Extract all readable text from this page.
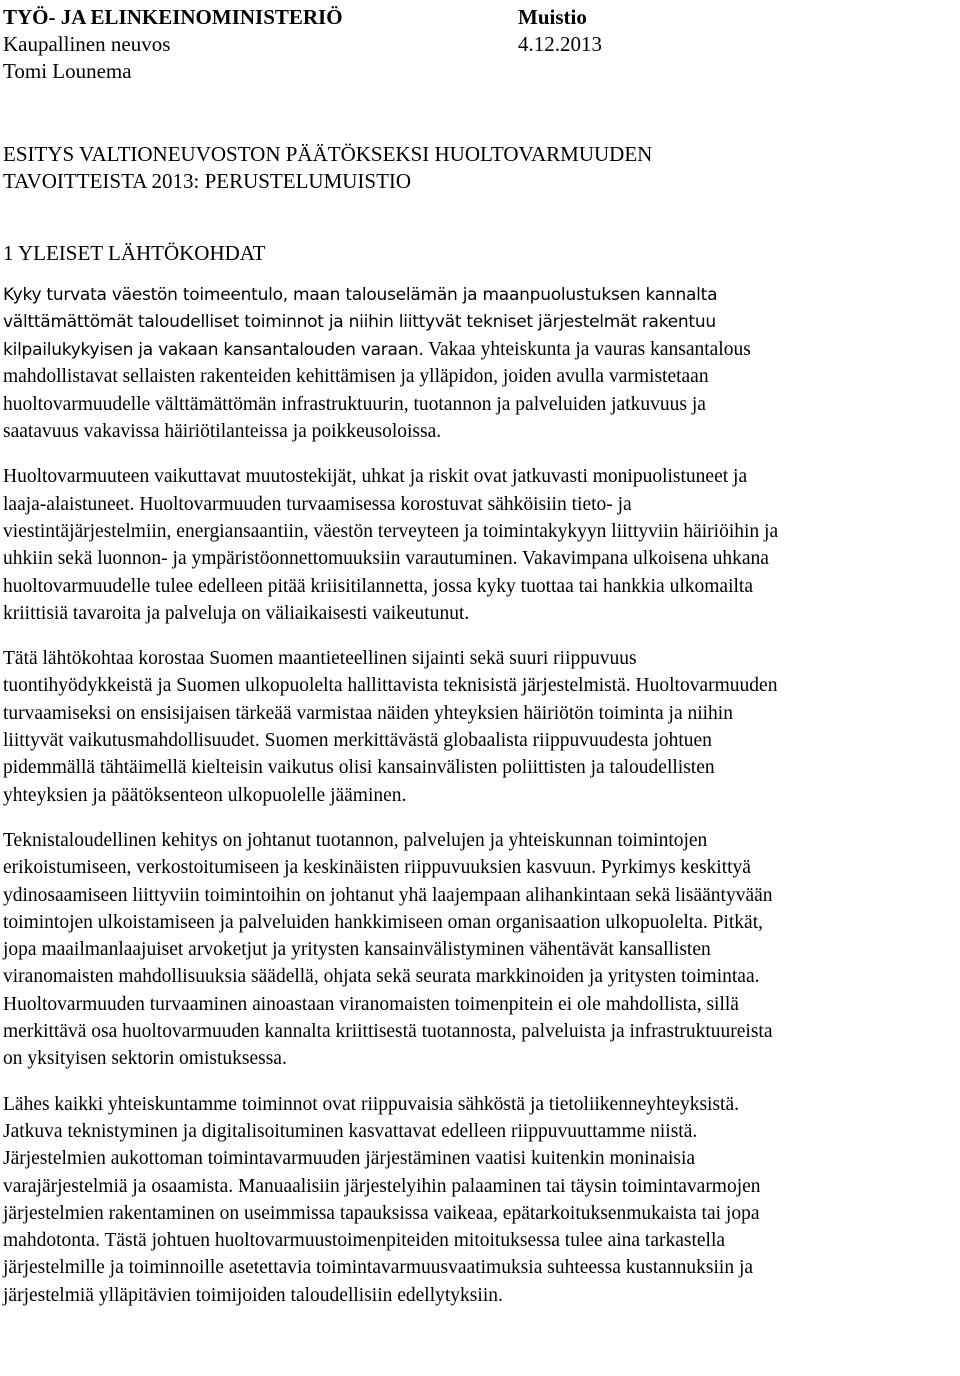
TYÖ- JA ELINKEINOMINISTERIÖ	Muistio
Kaupallinen neuvos	4.12.2013
Tomi Lounema
ESITYS VALTIONEUVOSTON PÄÄTÖKSEKSI HUOLTOVARMUUDEN
TAVOITTEISTA 2013: PERUSTELUMUISTIO
1 YLEISET LÄHTÖKOHDAT
Kyky turvata väestön toimeentulo, maan talouselämän ja maanpuolustuksen kannalta
välttämättömät taloudelliset toiminnot ja niihin liittyvät tekniset järjestelmät rakentuu
kilpailukykyisen ja vakaan kansantalouden varaan. Vakaa yhteiskunta ja vauras kansantalous
mahdollistavat sellaisten rakenteiden kehittämisen ja ylläpidon, joiden avulla varmistetaan
huoltovarmuudelle välttämättömän infrastruktuurin, tuotannon ja palveluiden jatkuvuus ja
saatavuus vakavissa häiriötilanteissa ja poikkeusoloissa.
Huoltovarmuuteen vaikuttavat muutostekijät, uhkat ja riskit ovat jatkuvasti monipuolistuneet ja
laaja-alaistuneet. Huoltovarmuuden turvaamisessa korostuvat sähköisiin tieto- ja
viestintäjärjestelmiin, energiansaantiin, väestön terveyteen ja toimintakykyyn liittyviin häiriöihin ja
uhkiin sekä luonnon- ja ympäristöonnettomuuksiin varautuminen. Vakavimpana ulkoisena uhkana
huoltovarmuudelle tulee edelleen pitää kriisitilannetta, jossa kyky tuottaa tai hankkia ulkomailta
kriittisiä tavaroita ja palveluja on väliaikaisesti vaikeutunut.
Tätä lähtökohtaa korostaa Suomen maantieteellinen sijainti sekä suuri riippuvuus
tuontihyödykkeistä ja Suomen ulkopuolelta hallittavista teknisistä järjestelmistä. Huoltovarmuuden
turvaamiseksi on ensisijaisen tärkeää varmistaa näiden yhteyksien häiriötön toiminta ja niihin
liittyvät vaikutusmahdollisuudet. Suomen merkittävästä globaalista riippuvuudesta johtuen
pidemmällä tähtäimellä kielteisin vaikutus olisi kansainvälisten poliittisten ja taloudellisten
yhteyksien ja päätöksenteon ulkopuolelle jääminen.
Teknistaloudellinen kehitys on johtanut tuotannon, palvelujen ja yhteiskunnan toimintojen
erikoistumiseen, verkostoitumiseen ja keskinäisten riippuvuuksien kasvuun. Pyrkimys keskittyä
ydinosaamiseen liittyviin toimintoihin on johtanut yhä laajempaan alihankintaan sekä lisääntyvään
toimintojen ulkoistamiseen ja palveluiden hankkimiseen oman organisaation ulkopuolelta. Pitkät,
jopa maailmanlaajuiset arvoketjut ja yritysten kansainvälistyminen vähentävät kansallisten
viranomaisten mahdollisuuksia säädellä, ohjata sekä seurata markkinoiden ja yritysten toimintaa.
Huoltovarmuuden turvaaminen ainoastaan viranomaisten toimenpitein ei ole mahdollista, sillä
merkittävä osa huoltovarmuuden kannalta kriittisestä tuotannosta, palveluista ja infrastruktuureista
on yksityisen sektorin omistuksessa.
Lähes kaikki yhteiskuntamme toiminnot ovat riippuvaisia sähköstä ja tietoliikenneyhteyksistä.
Jatkuva teknistyminen ja digitalisoituminen kasvattavat edelleen riippuvuuttamme niistä.
Järjestelmien aukottoman toimintavarmuuden järjestäminen vaatisi kuitenkin moninaisia
varajärjestelmiä ja osaamista. Manuaalisiin järjestelyihin palaaminen tai täysin toimintavarmojen
järjestelmien rakentaminen on useimmissa tapauksissa vaikeaa, epätarkoituksenmukaista tai jopa
mahdotonta. Tästä johtuen huoltovarmuustoimenpiteiden mitoituksessa tulee aina tarkastella
järjestelmille ja toiminnoille asetettavia toimintavarmuusvaatimuksia suhteessa kustannuksiin ja
järjestelmiä ylläpitävien toimijoiden taloudellisiin edellytyksiin.
